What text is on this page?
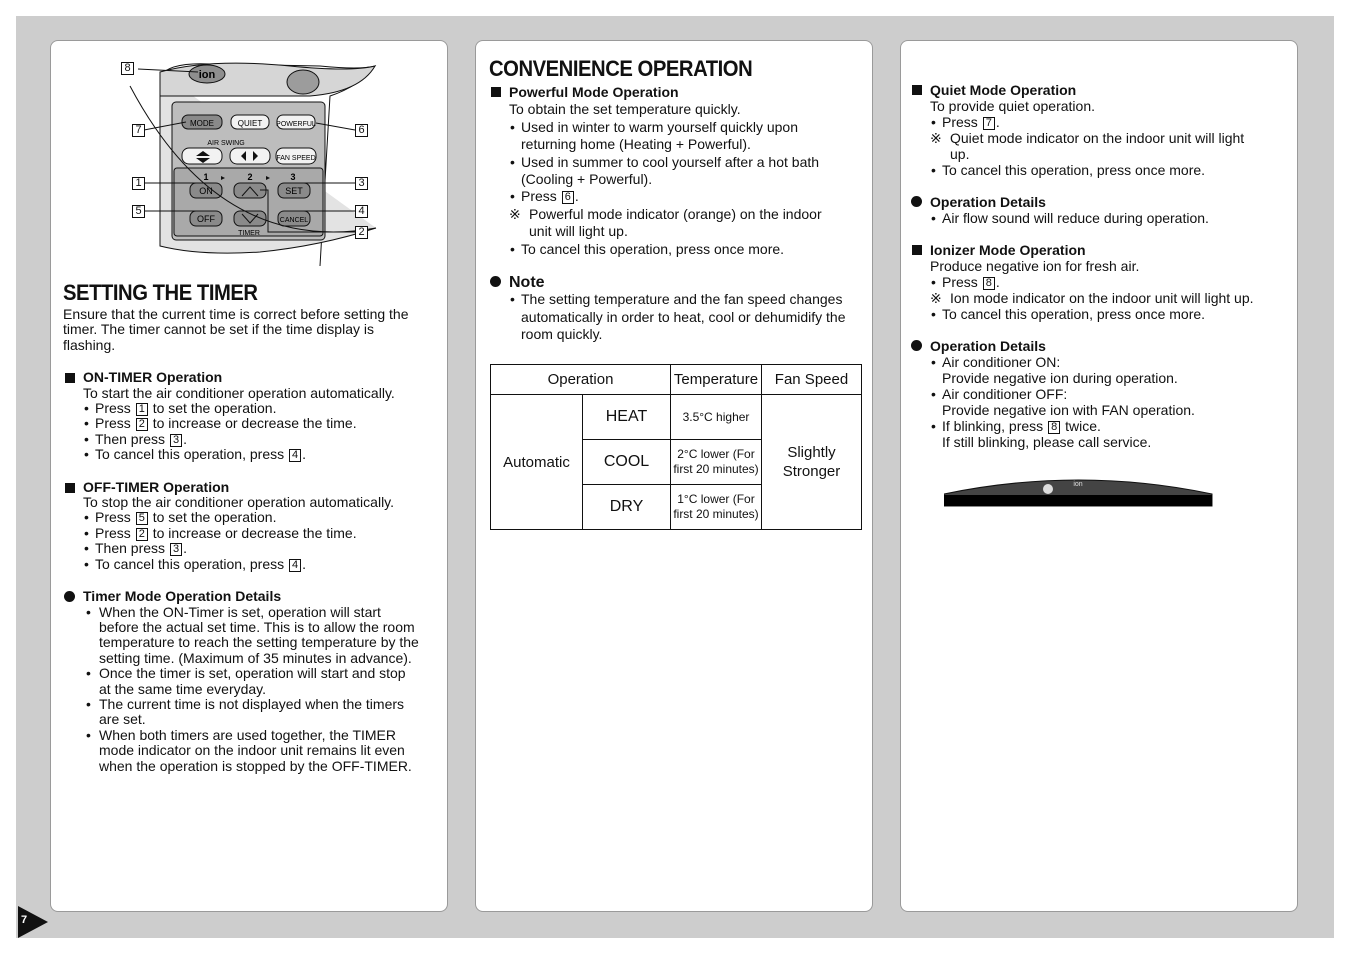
ion
MODE	QUIET POWERFUL
AIR SWING
FAN SPEED
1	2	3
ON	SET
OFF	CANCEL
TIMER
8
7	6
1	3
5	4
2
SETTING THE TIMER
Ensure that the current time is correct before setting the
timer. The timer cannot be set if the time display is
flashing.
ON-TIMER Operation
To start the air conditioner operation automatically.
• Press 1 to set the operation.
• Press 2 to increase or decrease the time.
• Then press 3 .
• To cancel this operation, press 4 .
OFF-TIMER Operation
To stop the air conditioner operation automatically.
• Press 5 to set the operation.
• Press 2 to increase or decrease the time.
• Then press 3 .
• To cancel this operation, press 4 .
Timer Mode Operation Details
• When the ON-Timer is set, operation will start
before the actual set time. This is to allow the room
temperature to reach the setting temperature by the
setting time. (Maximum of 35 minutes in advance).
• Once the timer is set, operation will start and stop
at the same time everyday.
• The current time is not displayed when the timers
are set.
• When both timers are used together, the TIMER
mode indicator on the indoor unit remains lit even
when the operation is stopped by the OFF-TIMER.
CONVENIENCE OPERATION
Powerful Mode Operation
To obtain the set temperature quickly.
• Used in winter to warm yourself quickly upon
returning home (Heating + Powerful).
• Used in summer to cool yourself after a hot bath
(Cooling + Powerful).
• Press 6 .
※ Powerful mode indicator (orange) on the indoor
unit will light up.
• To cancel this operation, press once more.
Note
• The setting temperature and the fan speed changes
automatically in order to heat, cool or dehumidify the
room quickly.
Operation		Temperature	Fan Speed
Automatic	HEAT	3.5°C higher	Slightly
Stronger

	COOL	2°C lower (For
first 20 minutes)	

	DRY	1°C lower (For
first 20 minutes)	
Quiet Mode Operation
To provide quiet operation.
• Press 7 .
※ Quiet mode indicator on the indoor unit will light
up.
• To cancel this operation, press once more.
Operation Details
• Air flow sound will reduce during operation.
Ionizer Mode Operation
Produce negative ion for fresh air.
• Press 8 .
※ Ion mode indicator on the indoor unit will light up.
• To cancel this operation, press once more.
Operation Details
• Air conditioner ON:
Provide negative ion during operation.
• Air conditioner OFF:
Provide negative ion with FAN operation.
• If blinking, press 8 twice.
If still blinking, please call service.
ion
7
